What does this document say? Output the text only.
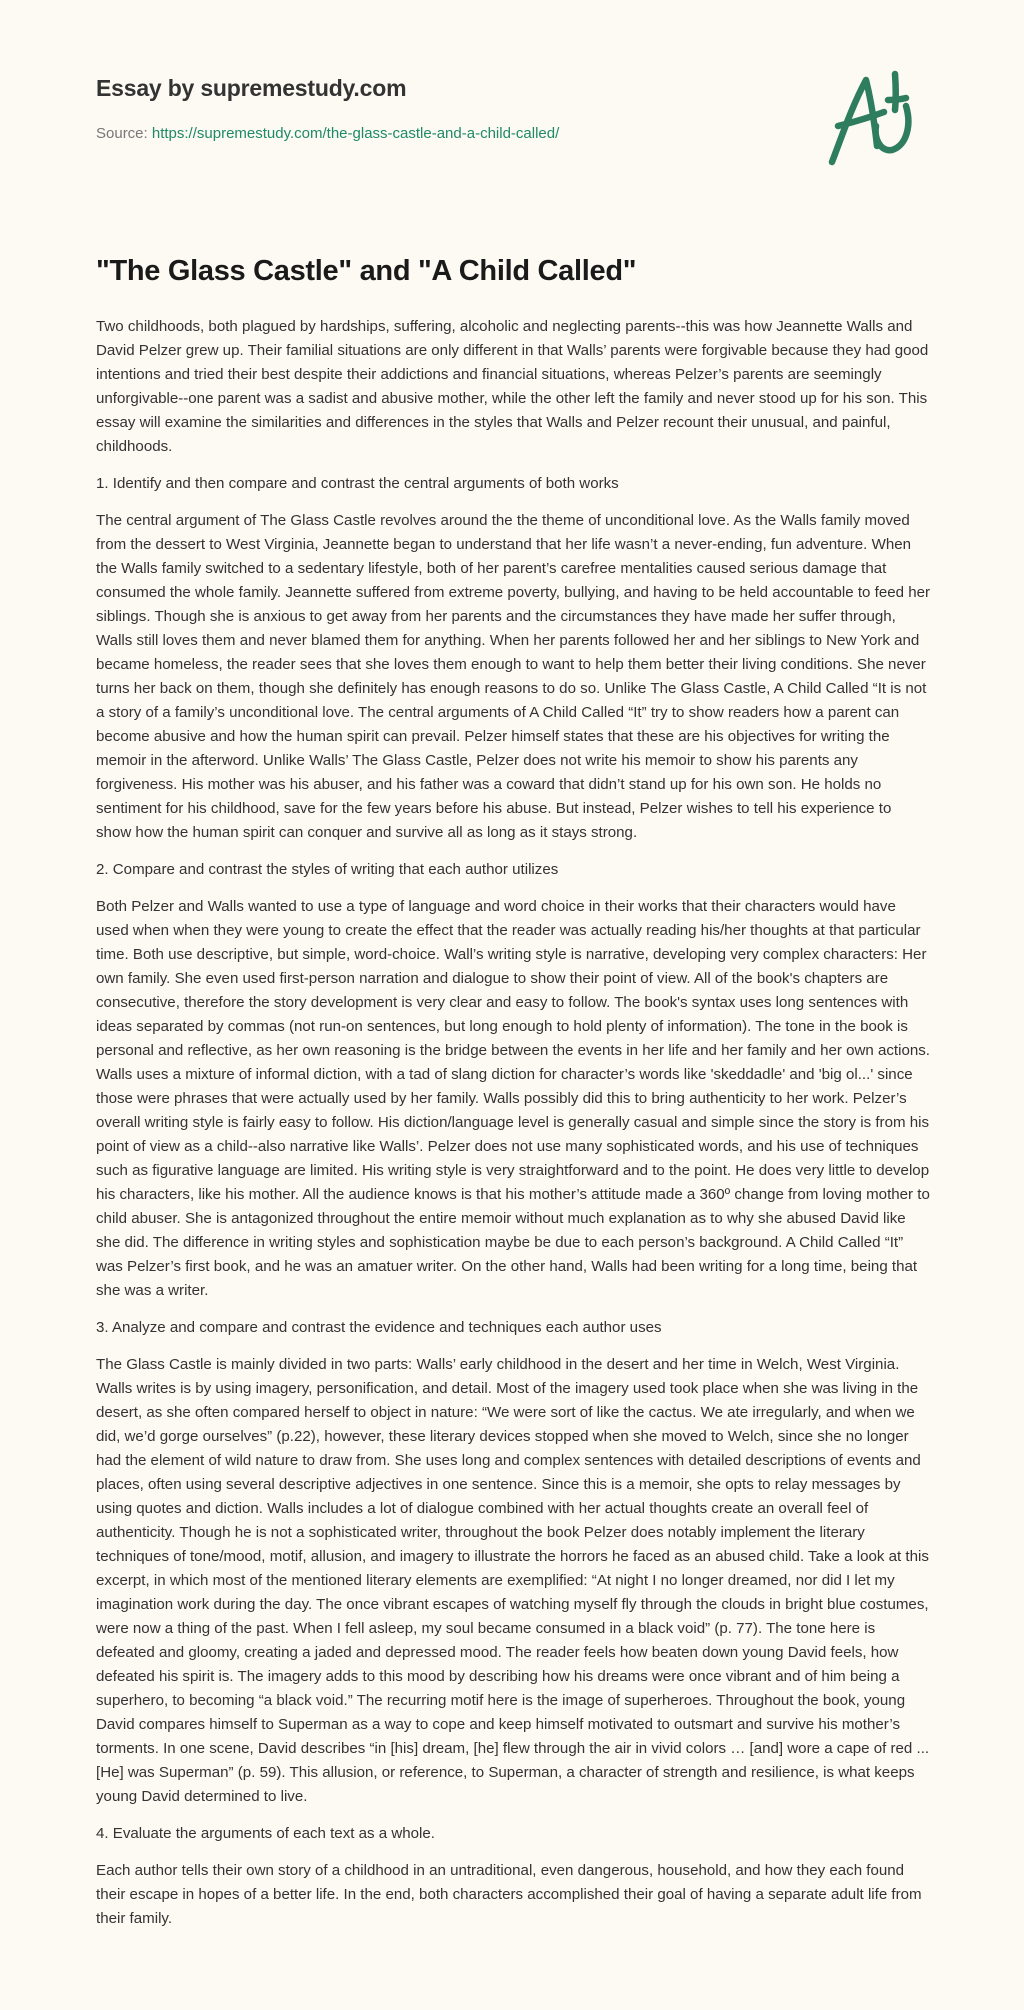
Essay by supremestudy.com
Source: https://supremestudy.com/the-glass-castle-and-a-child-called/
"The Glass Castle" and "A Child Called"

Two childhoods, both plagued by hardships, suffering, alcoholic and neglecting parents--this was how Jeannette Walls and David Pelzer grew up. Their familial situations are only different in that Walls’ parents were forgivable because they had good intentions and tried their best despite their addictions and financial situations, whereas Pelzer’s parents are seemingly unforgivable--one parent was a sadist and abusive mother, while the other left the family and never stood up for his son. This essay will examine the similarities and differences in the styles that Walls and Pelzer recount their unusual, and painful, childhoods.

1. Identify and then compare and contrast the central arguments of both works

The central argument of The Glass Castle revolves around the the theme of unconditional love. As the Walls family moved from the dessert to West Virginia, Jeannette began to understand that her life wasn’t a never-ending, fun adventure. When the Walls family switched to a sedentary lifestyle, both of her parent’s carefree mentalities caused serious damage that consumed the whole family. Jeannette suffered from extreme poverty, bullying, and having to be held accountable to feed her siblings. Though she is anxious to get away from her parents and the circumstances they have made her suffer through, Walls still loves them and never blamed them for anything. When her parents followed her and her siblings to New York and became homeless, the reader sees that she loves them enough to want to help them better their living conditions. She never turns her back on them, though she definitely has enough reasons to do so. Unlike The Glass Castle, A Child Called “It is not a story of a family’s unconditional love. The central arguments of A Child Called “It” try to show readers how a parent can become abusive and how the human spirit can prevail. Pelzer himself states that these are his objectives for writing the memoir in the afterword. Unlike Walls’ The Glass Castle, Pelzer does not write his memoir to show his parents any forgiveness. His mother was his abuser, and his father was a coward that didn’t stand up for his own son. He holds no sentiment for his childhood, save for the few years before his abuse. But instead, Pelzer wishes to tell his experience to show how the human spirit can conquer and survive all as long as it stays strong.

2. Compare and contrast the styles of writing that each author utilizes

Both Pelzer and Walls wanted to use a type of language and word choice in their works that their characters would have used when when they were young to create the effect that the reader was actually reading his/her thoughts at that particular time. Both use descriptive, but simple, word-choice. Wall’s writing style is narrative, developing very complex characters: Her own family. She even used first-person narration and dialogue to show their point of view. All of the book's chapters are consecutive, therefore the story development is very clear and easy to follow. The book's syntax uses long sentences with ideas separated by commas (not run-on sentences, but long enough to hold plenty of information). The tone in the book is personal and reflective, as her own reasoning is the bridge between the events in her life and her family and her own actions. Walls uses a mixture of informal diction, with a tad of slang diction for character’s words like 'skeddadle' and 'big ol...' since those were phrases that were actually used by her family. Walls possibly did this to bring authenticity to her work. Pelzer’s overall writing style is fairly easy to follow. His diction/language level is generally casual and simple since the story is from his point of view as a child--also narrative like Walls’. Pelzer does not use many sophisticated words, and his use of techniques such as figurative language are limited. His writing style is very straightforward and to the point. He does very little to develop his characters, like his mother. All the audience knows is that his mother’s attitude made a 360º change from loving mother to child abuser. She is antagonized throughout the entire memoir without much explanation as to why she abused David like she did. The difference in writing styles and sophistication maybe be due to each person’s background. A Child Called “It” was Pelzer’s first book, and he was an amatuer writer. On the other hand, Walls had been writing for a long time, being that she was a writer.

3. Analyze and compare and contrast the evidence and techniques each author uses

The Glass Castle is mainly divided in two parts: Walls’ early childhood in the desert and her time in Welch, West Virginia. Walls writes is by using imagery, personification, and detail. Most of the imagery used took place when she was living in the desert, as she often compared herself to object in nature: “We were sort of like the cactus. We ate irregularly, and when we did, we’d gorge ourselves” (p.22), however, these literary devices stopped when she moved to Welch, since she no longer had the element of wild nature to draw from. She uses long and complex sentences with detailed descriptions of events and places, often using several descriptive adjectives in one sentence. Since this is a memoir, she opts to relay messages by using quotes and diction. Walls includes a lot of dialogue combined with her actual thoughts create an overall feel of authenticity. Though he is not a sophisticated writer, throughout the book Pelzer does notably implement the literary techniques of tone/mood, motif, allusion, and imagery to illustrate the horrors he faced as an abused child. Take a look at this excerpt, in which most of the mentioned literary elements are exemplified: “At night I no longer dreamed, nor did I let my imagination work during the day. The once vibrant escapes of watching myself fly through the clouds in bright blue costumes, were now a thing of the past. When I fell asleep, my soul became consumed in a black void” (p. 77). The tone here is defeated and gloomy, creating a jaded and depressed mood. The reader feels how beaten down young David feels, how defeated his spirit is. The imagery adds to this mood by describing how his dreams were once vibrant and of him being a superhero, to becoming “a black void.” The recurring motif here is the image of superheroes. Throughout the book, young David compares himself to Superman as a way to cope and keep himself motivated to outsmart and survive his mother’s torments. In one scene, David describes “in [his] dream, [he] flew through the air in vivid colors … [and] wore a cape of red ... [He] was Superman” (p. 59). This allusion, or reference, to Superman, a character of strength and resilience, is what keeps young David determined to live.

4. Evaluate the arguments of each text as a whole.

Each author tells their own story of a childhood in an untraditional, even dangerous, household, and how they each found their escape in hopes of a better life. In the end, both characters accomplished their goal of having a separate adult life from their family.
